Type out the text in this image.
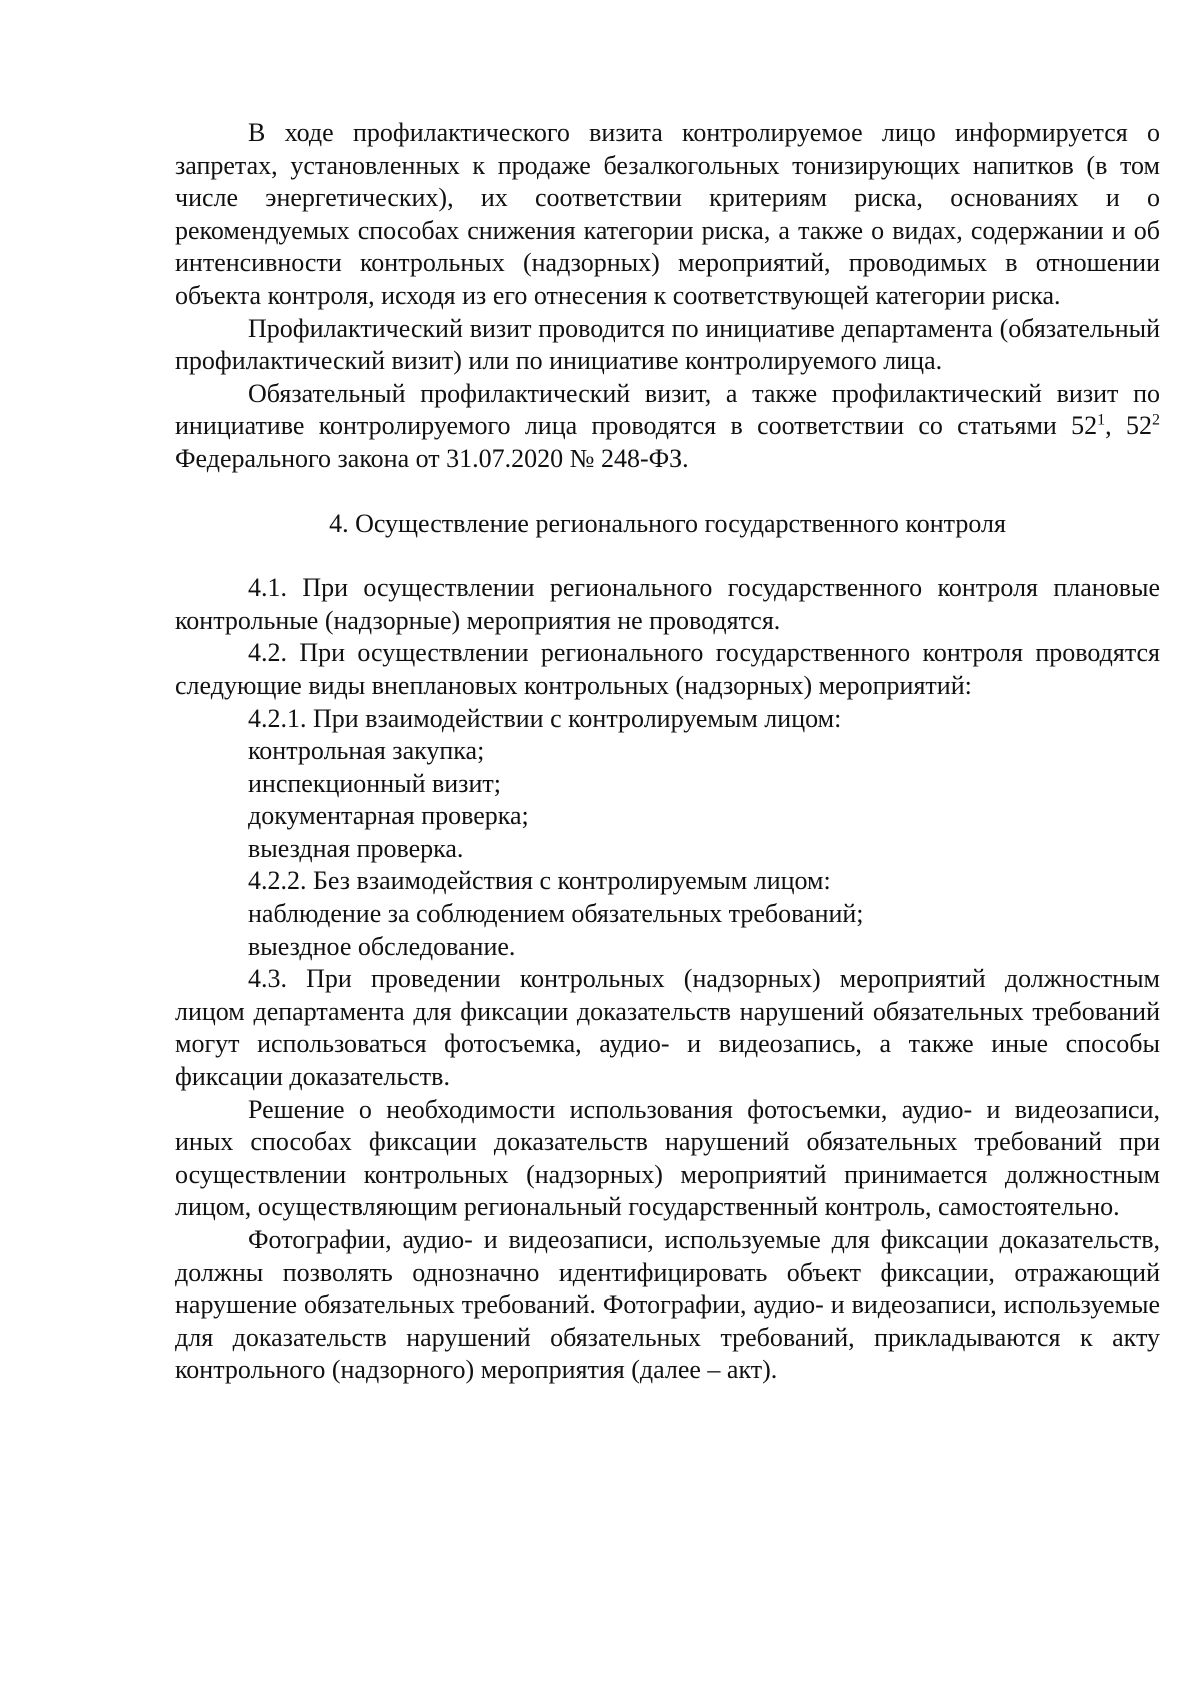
В ходе профилактического визита контролируемое лицо информируется о запретах, установленных к продаже безалкогольных тонизирующих напитков (в том числе энергетических), их соответствии критериям риска, основаниях и о рекомендуемых способах снижения категории риска, а также о видах, содержании и об интенсивности контрольных (надзорных) мероприятий, проводимых в отношении объекта контроля, исходя из его отнесения к соответствующей категории риска.

Профилактический визит проводится по инициативе департамента (обязательный профилактический визит) или по инициативе контролируемого лица.

Обязательный профилактический визит, а также профилактический визит по инициативе контролируемого лица проводятся в соответствии со статьями $52^1$, $52^2$ Федерального закона от 31.07.2020 № 248-ФЗ.

4. Осуществление регионального государственного контроля

4.1. При осуществлении регионального государственного контроля плановые контрольные (надзорные) мероприятия не проводятся.

4.2. При осуществлении регионального государственного контроля проводятся следующие виды внеплановых контрольных (надзорных) мероприятий:

4.2.1. При взаимодействии с контролируемым лицом:

контрольная закупка;

инспекционный визит;

документарная проверка;

выездная проверка.

4.2.2. Без взаимодействия с контролируемым лицом:

наблюдение за соблюдением обязательных требований;

выездное обследование.

4.3. При проведении контрольных (надзорных) мероприятий должностным лицом департамента для фиксации доказательств нарушений обязательных требований могут использоваться фотосъемка, аудио- и видеозапись, а также иные способы фиксации доказательств.

Решение о необходимости использования фотосъемки, аудио- и видеозаписи, иных способах фиксации доказательств нарушений обязательных требований при осуществлении контрольных (надзорных) мероприятий принимается должностным лицом, осуществляющим региональный государственный контроль, самостоятельно.

Фотографии, аудио- и видеозаписи, используемые для фиксации доказательств, должны позволять однозначно идентифицировать объект фиксации, отражающий нарушение обязательных требований. Фотографии, аудио- и видеозаписи, используемые для доказательств нарушений обязательных требований, прикладываются к акту контрольного (надзорного) мероприятия (далее – акт).
